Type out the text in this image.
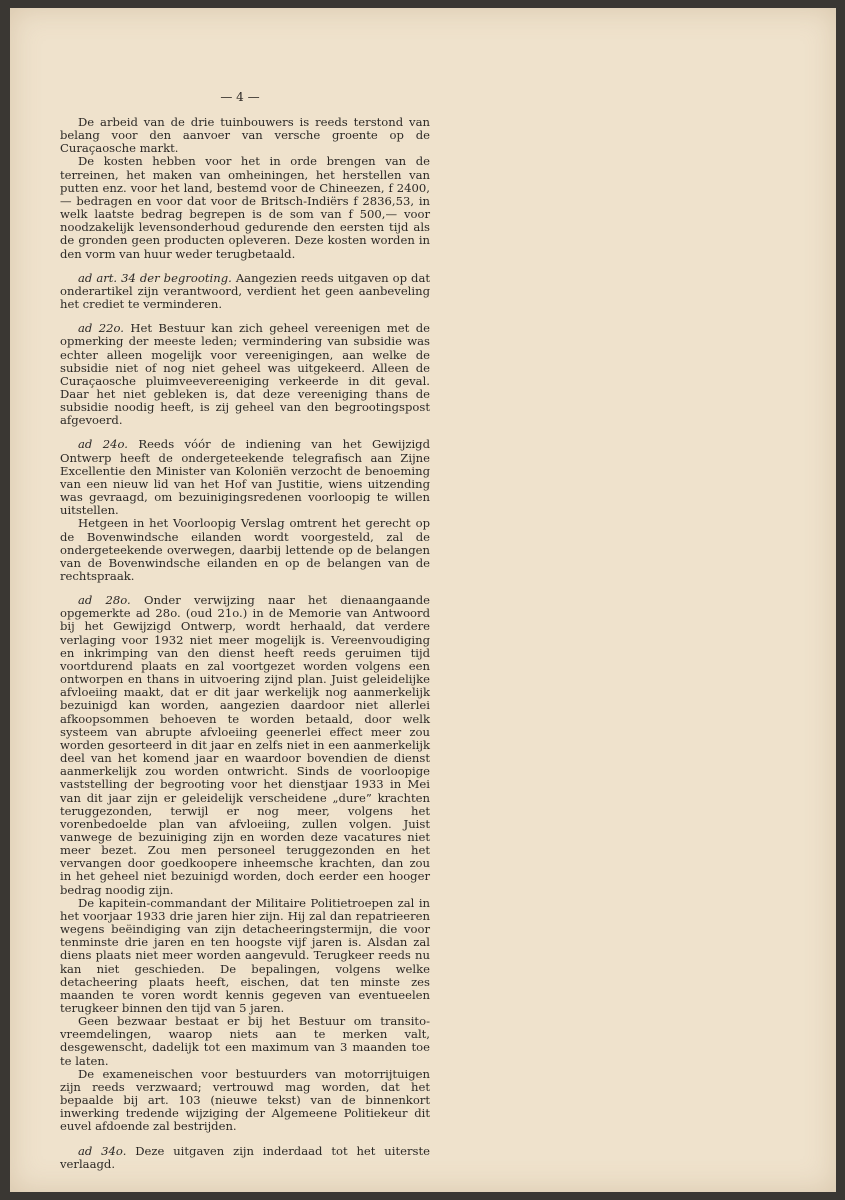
— 4 —

De arbeid van de drie tuinbouwers is reeds terstond van belang voor den aanvoer van versche groente op de Curaçaosche markt.

De kosten hebben voor het in orde brengen van de terreinen, het maken van omheiningen, het herstellen van putten enz. voor het land, bestemd voor de Chineezen, f 2400,— bedragen en voor dat voor de Britsch-Indiërs f 2836,53, in welk laatste bedrag begrepen is de som van f 500,— voor noodzakelijk levensonderhoud gedurende den eersten tijd als de gronden geen producten opleveren. Deze kosten worden in den vorm van huur weder terugbetaald.

ad art. 34 der begrooting. Aangezien reeds uitgaven op dat onderartikel zijn verantwoord, verdient het geen aanbeveling het crediet te verminderen.

ad 22o. Het Bestuur kan zich geheel vereenigen met de opmerking der meeste leden; vermindering van subsidie was echter alleen mogelijk voor vereenigingen, aan welke de subsidie niet of nog niet geheel was uitgekeerd. Alleen de Curaçaosche pluimveevereeniging verkeerde in dit geval. Daar het niet gebleken is, dat deze vereeniging thans de subsidie noodig heeft, is zij geheel van den begrootingspost afgevoerd.

ad 24o. Reeds vóór de indiening van het Gewijzigd Ontwerp heeft de ondergeteekende telegrafisch aan Zijne Excellentie den Minister van Koloniën verzocht de benoeming van een nieuw lid van het Hof van Justitie, wiens uitzending was gevraagd, om bezuinigingsredenen voorloopig te willen uitstellen.

Hetgeen in het Voorloopig Verslag omtrent het gerecht op de Bovenwindsche eilanden wordt voorgesteld, zal de ondergeteekende overwegen, daarbij lettende op de belangen van de Bovenwindsche eilanden en op de belangen van de rechtspraak.

ad 28o. Onder verwijzing naar het dienaangaande opgemerkte ad 28o. (oud 21o.) in de Memorie van Antwoord bij het Gewijzigd Ontwerp, wordt herhaald, dat verdere verlaging voor 1932 niet meer mogelijk is. Vereenvoudiging en inkrimping van den dienst heeft reeds geruimen tijd voortdurend plaats en zal voortgezet worden volgens een ontworpen en thans in uitvoering zijnd plan. Juist geleidelijke afvloeiing maakt, dat er dit jaar werkelijk nog aanmerkelijk bezuinigd kan worden, aangezien daardoor niet allerlei afkoopsommen behoeven te worden betaald, door welk systeem van abrupte afvloeiing geenerlei effect meer zou worden gesorteerd in dit jaar en zelfs niet in een aanmerkelijk deel van het komend jaar en waardoor bovendien de dienst aanmerkelijk zou worden ontwricht. Sinds de voorloopige vaststelling der begrooting voor het dienstjaar 1933 in Mei van dit jaar zijn er geleidelijk verscheidene „dure” krachten teruggezonden, terwijl er nog meer, volgens het vorenbedoelde plan van afvloeiing, zullen volgen. Juist vanwege de bezuiniging zijn en worden deze vacatures niet meer bezet. Zou men personeel teruggezonden en het vervangen door goedkoopere inheemsche krachten, dan zou in het geheel niet bezuinigd worden, doch eerder een hooger bedrag noodig zijn.

De kapitein-commandant der Militaire Politietroepen zal in het voorjaar 1933 drie jaren hier zijn. Hij zal dan repatrieeren wegens beëindiging van zijn detacheeringstermijn, die voor tenminste drie jaren en ten hoogste vijf jaren is. Alsdan zal diens plaats niet meer worden aangevuld. Terugkeer reeds nu kan niet geschieden. De bepalingen, volgens welke detacheering plaats heeft, eischen, dat ten minste zes maanden te voren wordt kennis gegeven van eventueelen terugkeer binnen den tijd van 5 jaren.

Geen bezwaar bestaat er bij het Bestuur om transito-vreemdelingen, waarop niets aan te merken valt, desgewenscht, dadelijk tot een maximum van 3 maanden toe te laten.

De exameneischen voor bestuurders van motorrijtuigen zijn reeds verzwaard; vertrouwd mag worden, dat het bepaalde bij art. 103 (nieuwe tekst) van de binnenkort inwerking tredende wijziging der Algemeene Politiekeur dit euvel afdoende zal bestrijden.

ad 34o. Deze uitgaven zijn inderdaad tot het uiterste verlaagd.
